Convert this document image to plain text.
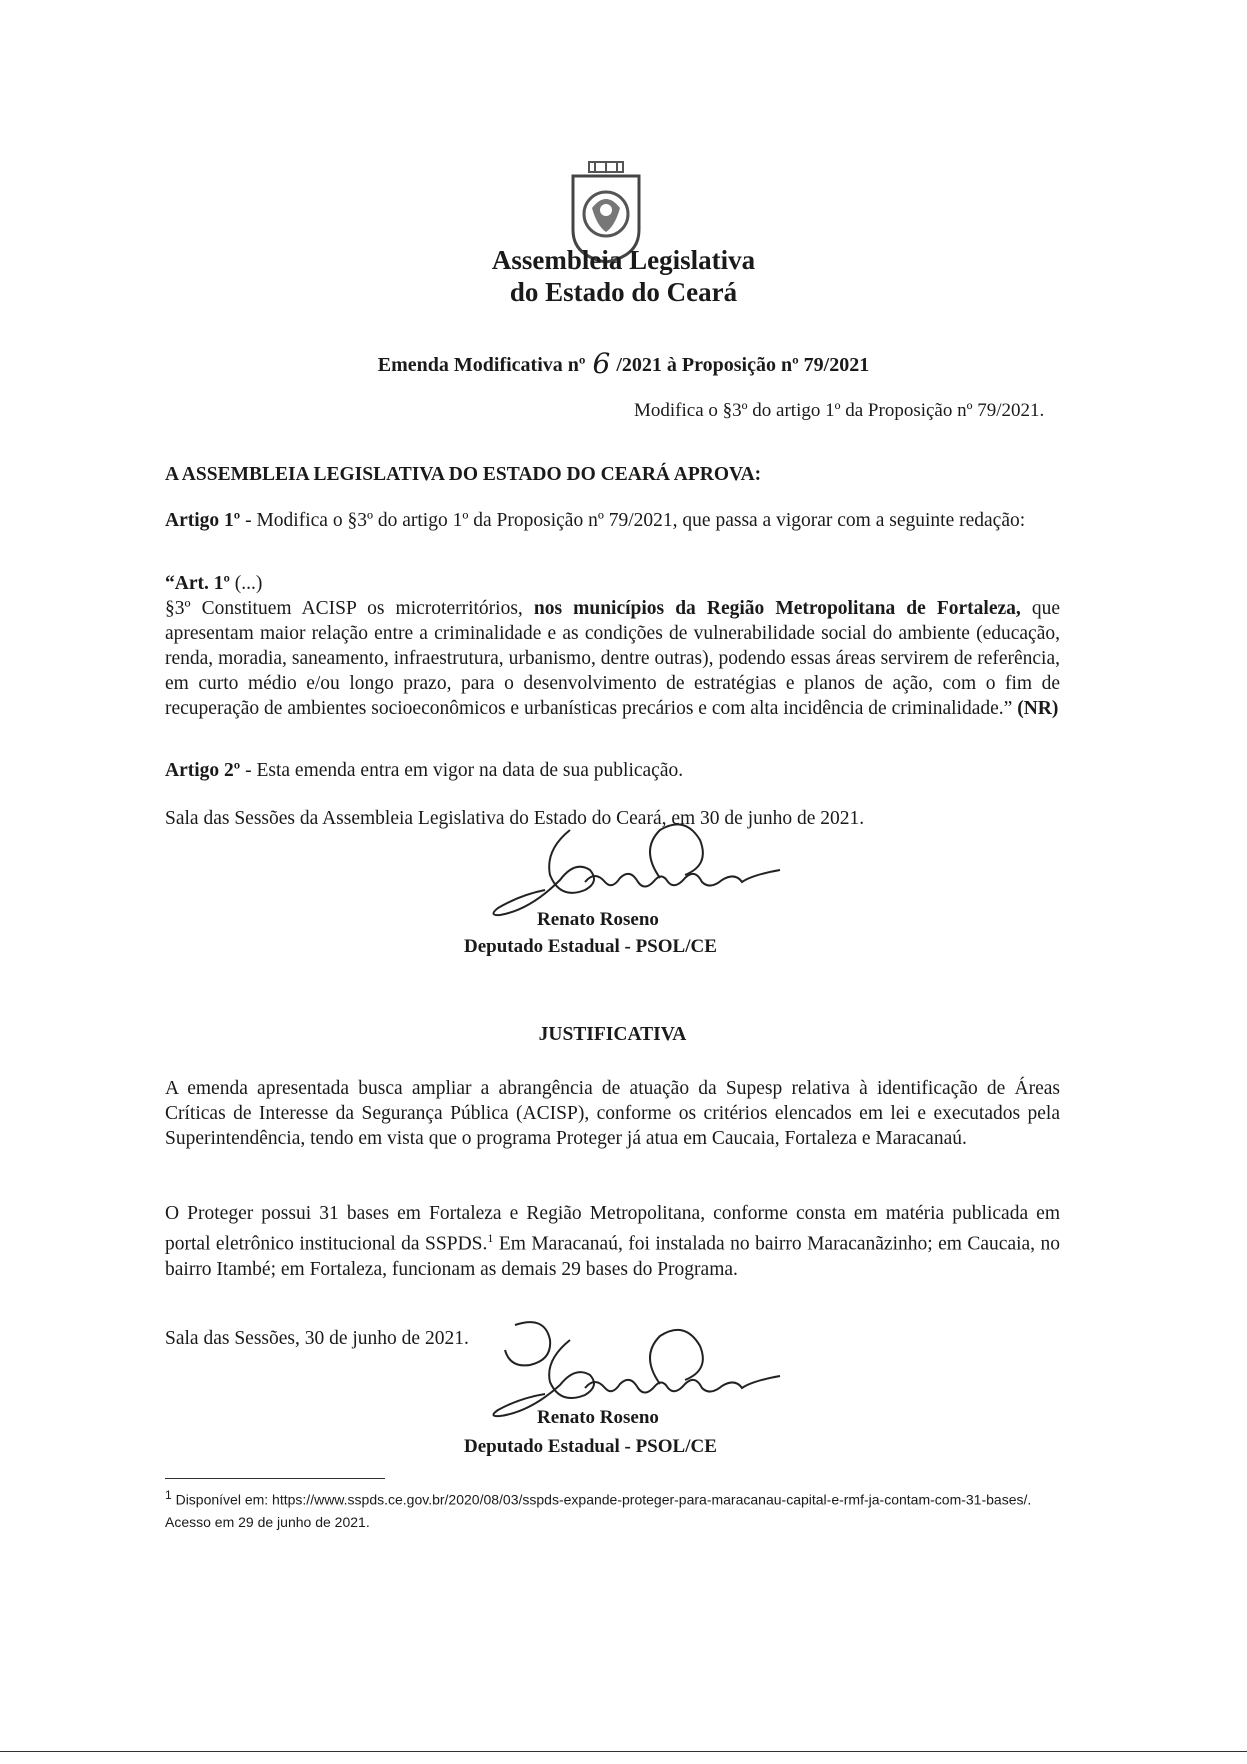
Assembleia Legislativa
do Estado do Ceará
Emenda Modificativa nº 6 /2021 à Proposição nº 79/2021
Modifica o §3º do artigo 1º da Proposição nº 79/2021.
A ASSEMBLEIA LEGISLATIVA DO ESTADO DO CEARÁ APROVA:
Artigo 1º - Modifica o §3º do artigo 1º da Proposição nº 79/2021, que passa a vigorar com a seguinte redação:
“Art. 1º (...)
§3º Constituem ACISP os microterritórios, nos municípios da Região Metropolitana de Fortaleza, que apresentam maior relação entre a criminalidade e as condições de vulnerabilidade social do ambiente (educação, renda, moradia, saneamento, infraestrutura, urbanismo, dentre outras), podendo essas áreas servirem de referência, em curto médio e/ou longo prazo, para o desenvolvimento de estratégias e planos de ação, com o fim de recuperação de ambientes socioeconômicos e urbanísticas precários e com alta incidência de criminalidade.” (NR)
Artigo 2º - Esta emenda entra em vigor na data de sua publicação.
Sala das Sessões da Assembleia Legislativa do Estado do Ceará, em 30 de junho de 2021.
Renato Roseno
Deputado Estadual - PSOL/CE
JUSTIFICATIVA
A emenda apresentada busca ampliar a abrangência de atuação da Supesp relativa à identificação de Áreas Críticas de Interesse da Segurança Pública (ACISP), conforme os critérios elencados em lei e executados pela Superintendência, tendo em vista que o programa Proteger já atua em Caucaia, Fortaleza e Maracanaú.
O Proteger possui 31 bases em Fortaleza e Região Metropolitana, conforme consta em matéria publicada em portal eletrônico institucional da SSPDS.$^1$ Em Maracanaú, foi instalada no bairro Maracanãzinho; em Caucaia, no bairro Itambé; em Fortaleza, funcionam as demais 29 bases do Programa.
Sala das Sessões, 30 de junho de 2021.
Renato Roseno
Deputado Estadual - PSOL/CE
$^1$ Disponível em: https://www.sspds.ce.gov.br/2020/08/03/sspds-expande-proteger-para-maracanau-capital-e-rmf-ja-contam-com-31-bases/. Acesso em 29 de junho de 2021.
